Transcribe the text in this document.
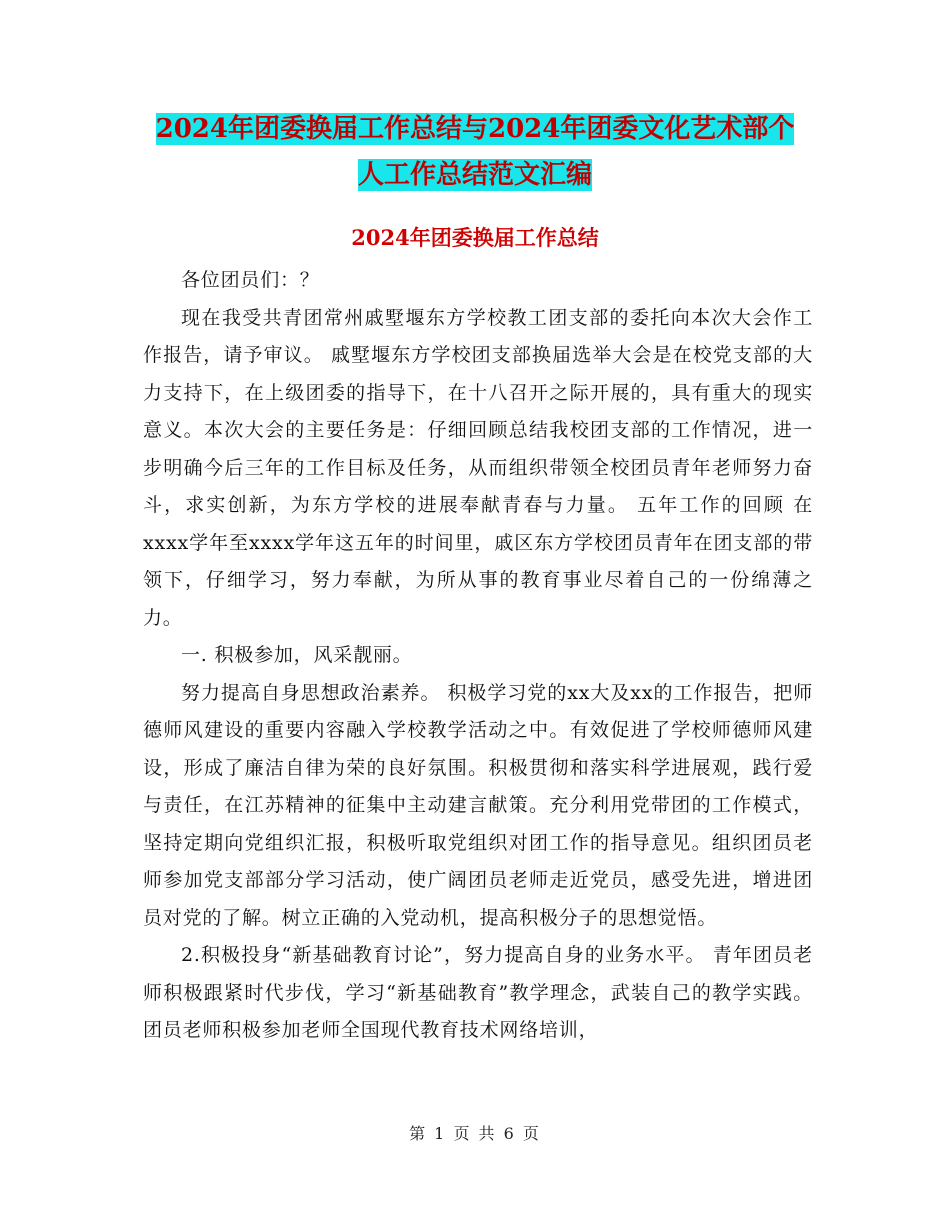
2024年团委换届工作总结与2024年团委文化艺术部个
人工作总结范文汇编
2024年团委换届工作总结

各位团员们：？

现在我受共青团常州戚墅堰东方学校教工团支部的委托向本次大会作工作报告，请予审议。 戚墅堰东方学校团支部换届选举大会是在校党支部的大力支持下，在上级团委的指导下，在十八召开之际开展的，具有重大的现实意义。本次大会的主要任务是：仔细回顾总结我校团支部的工作情况，进一步明确今后三年的工作目标及任务，从而组织带领全校团员青年老师努力奋斗，求实创新，为东方学校的进展奉献青春与力量。 五年工作的回顾 在xxxx学年至xxxx学年这五年的时间里，戚区东方学校团员青年在团支部的带领下，仔细学习，努力奉献，为所从事的教育事业尽着自己的一份绵薄之力。

一. 积极参加，风采靓丽。

努力提高自身思想政治素养。 积极学习党的xx大及xx的工作报告，把师德师风建设的重要内容融入学校教学活动之中。有效促进了学校师德师风建设，形成了廉洁自律为荣的良好氛围。积极贯彻和落实科学进展观，践行爱与责任，在江苏精神的征集中主动建言献策。充分利用党带团的工作模式，坚持定期向党组织汇报，积极听取党组织对团工作的指导意见。组织团员老师参加党支部部分学习活动，使广阔团员老师走近党员，感受先进，增进团员对党的了解。树立正确的入党动机，提高积极分子的思想觉悟。

2.积极投身“新基础教育讨论”，努力提高自身的业务水平。 青年团员老师积极跟紧时代步伐，学习“新基础教育”教学理念，武装自己的教学实践。团员老师积极参加老师全国现代教育技术网络培训，

第 1 页 共 6 页
